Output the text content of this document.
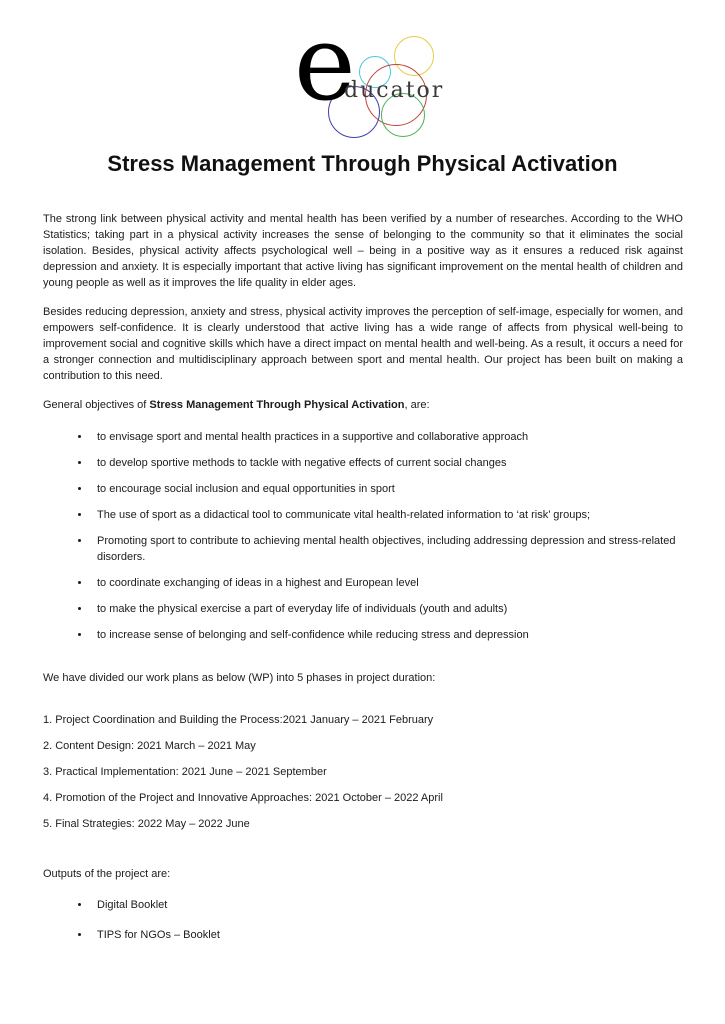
e
ducator
Stress Management Through Physical Activation

The strong link between physical activity and mental health has been verified by a number of researches. According to the WHO Statistics; taking part in a physical activity increases the sense of belonging to the community so that it eliminates the social isolation. Besides, physical activity affects psychological well – being in a positive way as it ensures a reduced risk against depression and anxiety. It is especially important that active living has significant improvement on the mental health of children and young people as well as it improves the life quality in elder ages.

Besides reducing depression, anxiety and stress, physical activity improves the perception of self-image, especially for women, and empowers self-confidence. It is clearly understood that active living has a wide range of affects from physical well-being to improvement social and cognitive skills which have a direct impact on mental health and well-being. As a result, it occurs a need for a stronger connection and multidisciplinary approach between sport and mental health. Our project has been built on making a contribution to this need.

General objectives of Stress Management Through Physical Activation, are:

• to envisage sport and mental health practices in a supportive and collaborative approach
• to develop sportive methods to tackle with negative effects of current social changes
• to encourage social inclusion and equal opportunities in sport
• The use of sport as a didactical tool to communicate vital health-related information to ‘at risk’ groups;
• Promoting sport to contribute to achieving mental health objectives, including addressing depression and stress-related disorders.
• to coordinate exchanging of ideas in a highest and European level
• to make the physical exercise a part of everyday life of individuals (youth and adults)
• to increase sense of belonging and self-confidence while reducing stress and depression

We have divided our work plans as below (WP) into 5 phases in project duration:

1. Project Coordination and Building the Process:2021 January – 2021 February

2. Content Design: 2021 March – 2021 May

3. Practical Implementation: 2021 June – 2021 September

4. Promotion of the Project and Innovative Approaches: 2021 October – 2022 April

5. Final Strategies: 2022 May – 2022 June

Outputs of the project are:

• Digital Booklet
• TIPS for NGOs – Booklet
